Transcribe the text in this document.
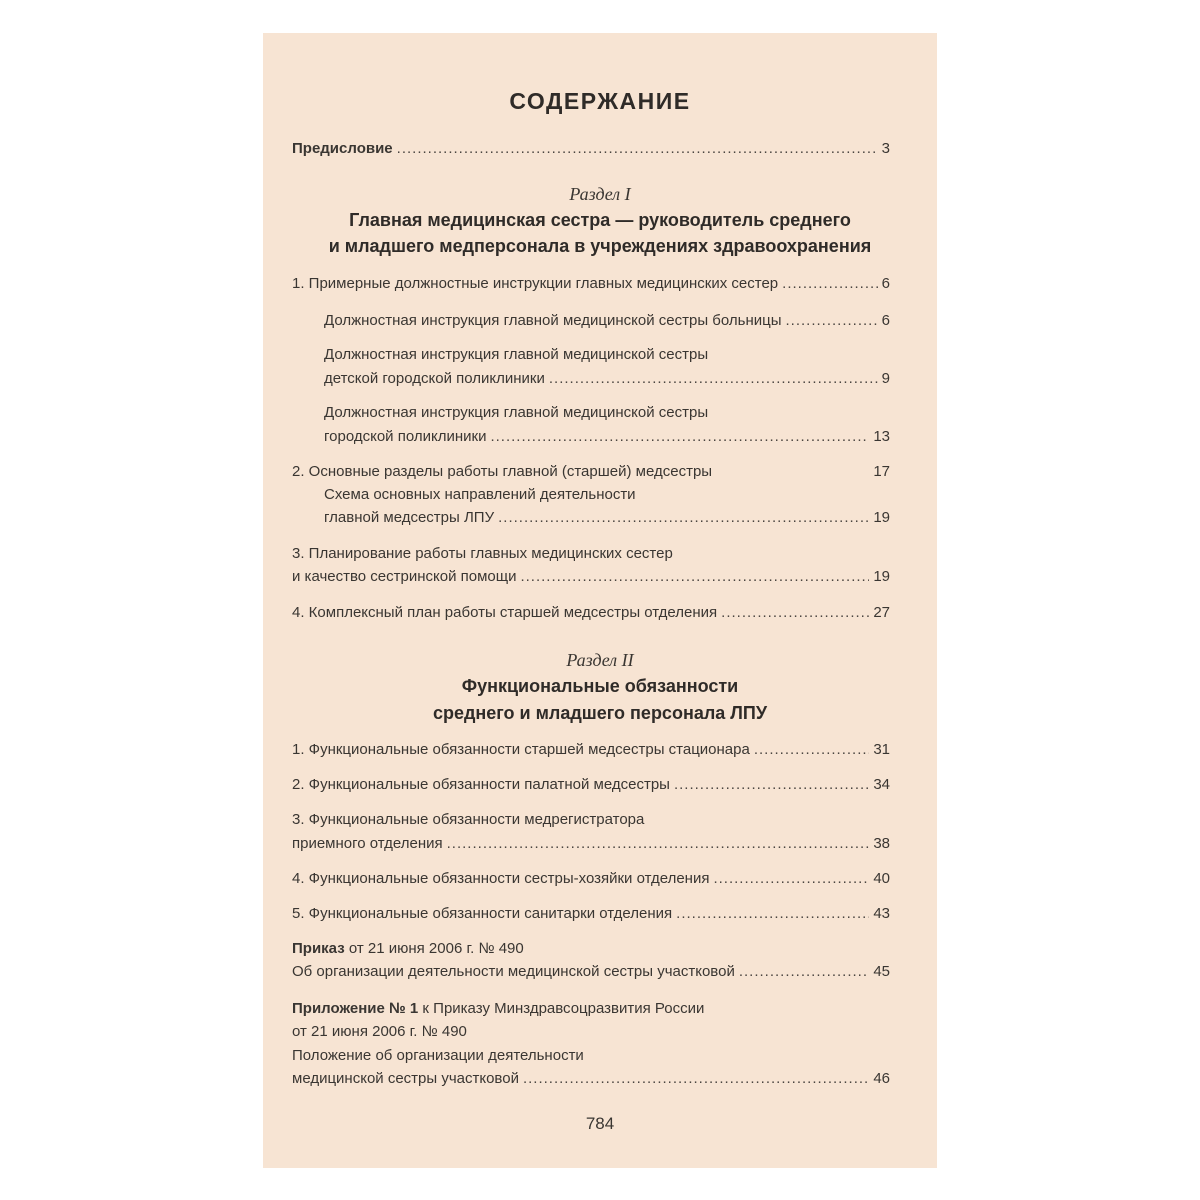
СОДЕРЖАНИЕ
Предисловие .....	3
Раздел I
Главная медицинская сестра — руководитель среднего
и младшего медперсонала в учреждениях здравоохранения
1. Примерные должностные инструкции главных медицинских сестер .....	6
Должностная инструкция главной медицинской сестры больницы .....	6
Должностная инструкция главной медицинской сестры
детской городской поликлиники .....	9
Должностная инструкция главной медицинской сестры
городской поликлиники .....	13
2. Основные разделы работы главной (старшей) медсестры	17
Схема основных направлений деятельности
главной медсестры ЛПУ .....	19
3. Планирование работы главных медицинских сестер
и качество сестринской помощи .....	19
4. Комплексный план работы старшей медсестры отделения .....	27
Раздел II
Функциональные обязанности
среднего и младшего персонала ЛПУ
1. Функциональные обязанности старшей медсестры стационара .....	31
2. Функциональные обязанности палатной медсестры .....	34
3. Функциональные обязанности медрегистратора
приемного отделения .....	38
4. Функциональные обязанности сестры-хозяйки отделения .....	40
5. Функциональные обязанности санитарки отделения .....	43
Приказ от 21 июня 2006 г. № 490
Об организации деятельности медицинской сестры участковой .....	45
Приложение № 1 к Приказу Минздравсоцразвития России
от 21 июня 2006 г. № 490
Положение об организации деятельности
медицинской сестры участковой .....	46
784
